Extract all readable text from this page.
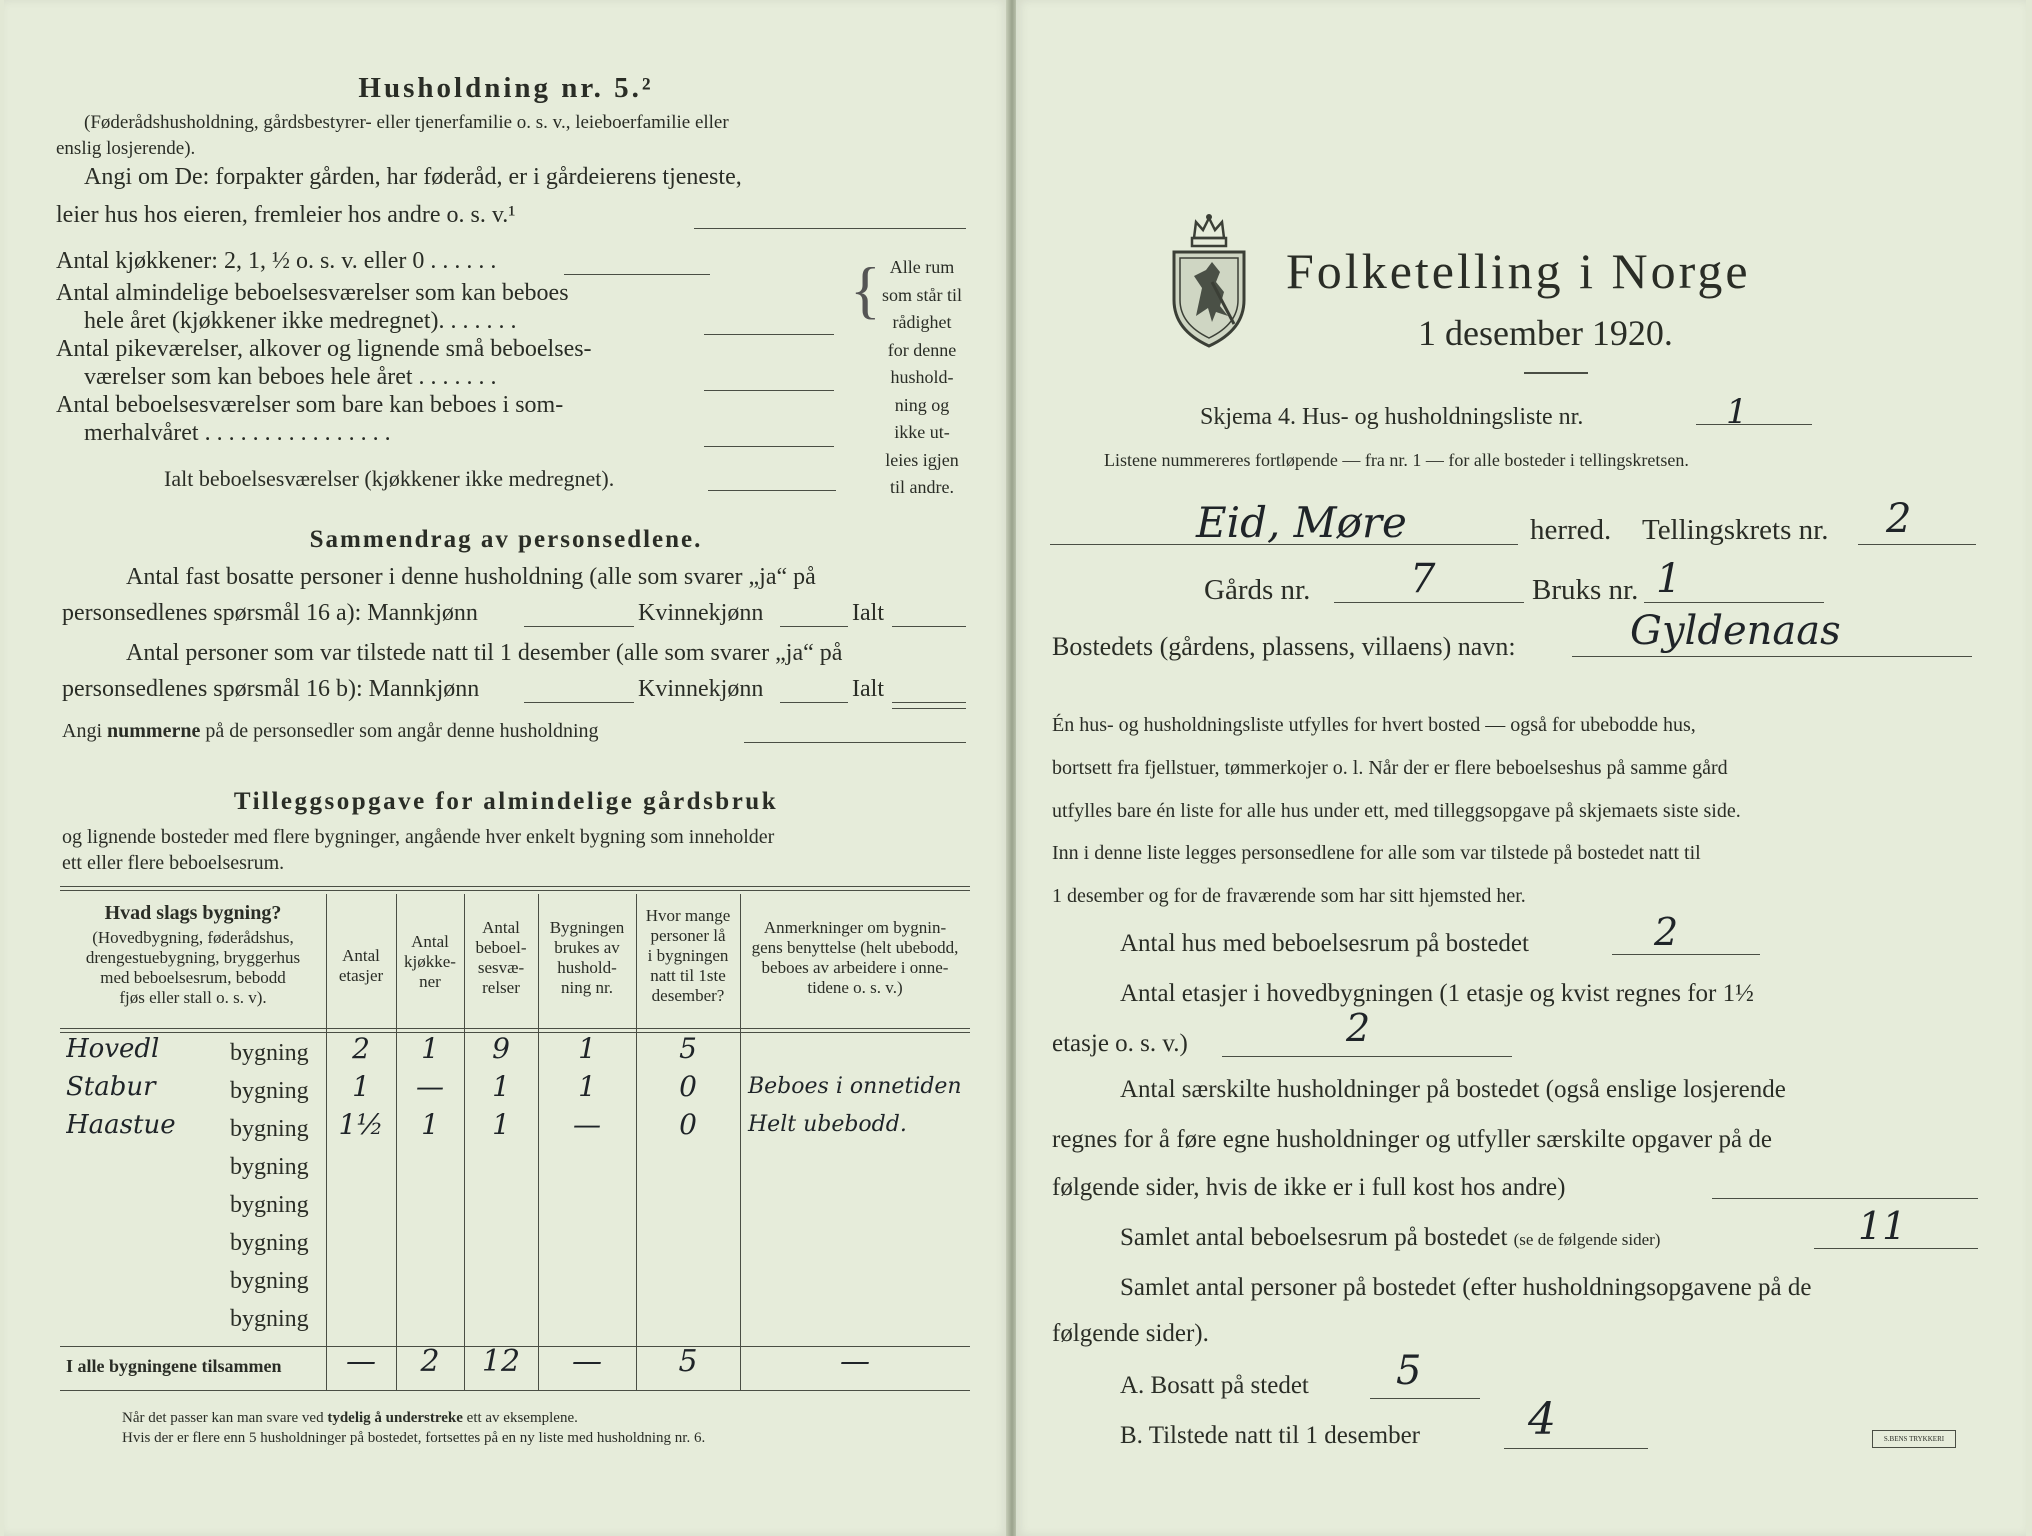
Husholdning nr. 5.²
(Føderådshusholdning, gårdsbestyrer- eller tjenerfamilie o. s. v., leieboerfamilie eller
enslig losjerende).
Angi om De: forpakter gården, har føderåd, er i gårdeierens tjeneste,
leier hus hos eieren, fremleier hos andre o. s. v.¹
Antal kjøkkener: 2, 1, ½ o. s. v. eller 0 . . . . . .
Antal almindelige beboelsesværelser som kan beboes
hele året (kjøkkener ikke medregnet). . . . . . .
Antal pikeværelser, alkover og lignende små beboelses-
værelser som kan beboes hele året . . . . . . .
Antal beboelsesværelser som bare kan beboes i som-
merhalvåret . . . . . . . . . . . . . . . .
Ialt beboelsesværelser (kjøkkener ikke medregnet).
{ Alle rum
som står til
rådighet
for denne
hushold-
ning og
ikke ut-
leies igjen
til andre.
Sammendrag av personsedlene.
Antal fast bosatte personer i denne husholdning (alle som svarer „ja“ på
personsedlenes spørsmål 16 a): Mannkjønn	Kvinnekjønn	Ialt
Antal personer som var tilstede natt til 1 desember (alle som svarer „ja“ på
personsedlenes spørsmål 16 b): Mannkjønn	Kvinnekjønn	Ialt
Angi nummerne på de personsedler som angår denne husholdning
Tilleggsopgave for almindelige gårdsbruk
og lignende bosteder med flere bygninger, angående hver enkelt bygning som inneholder
ett eller flere beboelsesrum.
Hvad slags bygning?
(Hovedbygning, føderådshus,
drengestuebygning, bryggerhus
med beboelsesrum, bebodd
fjøs eller stall o. s. v).
Antal
etasjer
Antal
kjøkke-
ner
Antal
beboel-
sesvæ-
relser
Bygningen
brukes av
hushold-
ning nr.
Hvor mange
personer lå
i bygningen
natt til 1ste
desember?
Anmerkninger om bygnin-
gens benyttelse (helt ubebodd,
beboes av arbeidere i onne-
tidene o. s. v.)
Hovedl	bygning	2	1	9	1	5
Stabur	bygning	1	—	1	1	0	Beboes i onnetiden
Haastue	bygning	1½	1	1	—	0	Helt ubebodd.
bygning
bygning
bygning
bygning
bygning
I alle bygningene tilsammen	—	2	12	—	5	—
Når det passer kan man svare ved tydelig å understreke ett av eksemplene.
Hvis der er flere enn 5 husholdninger på bostedet, fortsettes på en ny liste med husholdning nr. 6.
Folketelling i Norge
1 desember 1920.
Skjema 4. Hus- og husholdningsliste nr.	1
Listene nummereres fortløpende — fra nr. 1 — for alle bosteder i tellingskretsen.
Eid, Møre	herred. Tellingskrets nr. 2
Gårds nr. 7	Bruks nr. 1
Bostedets (gårdens, plassens, villaens) navn:	Gyldenaas
Én hus- og husholdningsliste utfylles for hvert bosted — også for ubebodde hus,
bortsett fra fjellstuer, tømmerkojer o. l. Når der er flere beboelseshus på samme gård
utfylles bare én liste for alle hus under ett, med tilleggsopgave på skjemaets siste side.
Inn i denne liste legges personsedlene for alle som var tilstede på bostedet natt til
1 desember og for de fraværende som har sitt hjemsted her.
Antal hus med beboelsesrum på bostedet	2
Antal etasjer i hovedbygningen (1 etasje og kvist regnes for 1½
etasje o. s. v.)	2
Antal særskilte husholdninger på bostedet (også enslige losjerende
regnes for å føre egne husholdninger og utfyller særskilte opgaver på de
følgende sider, hvis de ikke er i full kost hos andre)
Samlet antal beboelsesrum på bostedet (se de følgende sider)	11
Samlet antal personer på bostedet (efter husholdningsopgavene på de
følgende sider).
A. Bosatt på stedet 5
B. Tilstede natt til 1 desember 4	S.BENS TRYKKERI
